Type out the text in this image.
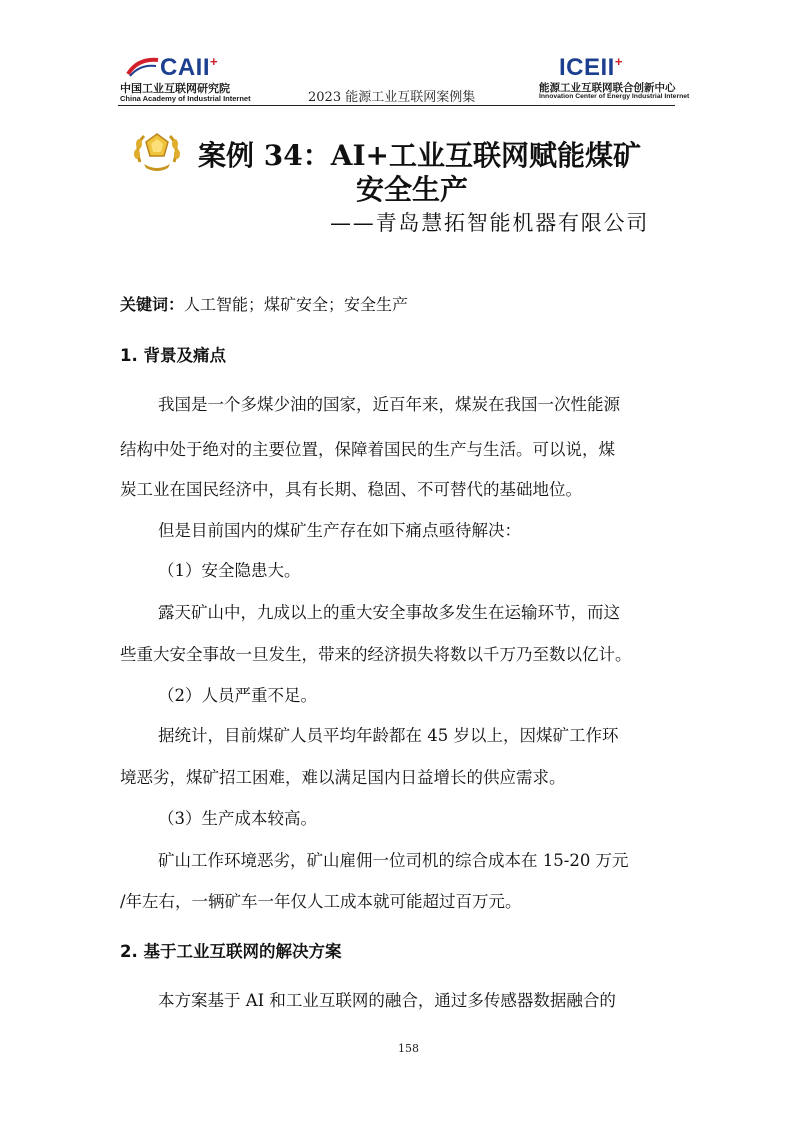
CAII+
中国工业互联网研究院
China Academy of Industrial Internet	2023 能源工业互联网案例集
ICEII+
能源工业互联网联合创新中心
Innovation Center of Energy Industrial Internet
案例 34：AI+工业互联网赋能煤矿
安全生产
——青岛慧拓智能机器有限公司
关键词：人工智能；煤矿安全；安全生产
1. 背景及痛点
我国是一个多煤少油的国家，近百年来，煤炭在我国一次性能源
结构中处于绝对的主要位置，保障着国民的生产与生活。可以说，煤
炭工业在国民经济中，具有长期、稳固、不可替代的基础地位。
但是目前国内的煤矿生产存在如下痛点亟待解决：
（1）安全隐患大。
露天矿山中，九成以上的重大安全事故多发生在运输环节，而这
些重大安全事故一旦发生，带来的经济损失将数以千万乃至数以亿计。
（2）人员严重不足。
据统计，目前煤矿人员平均年龄都在 45 岁以上，因煤矿工作环
境恶劣，煤矿招工困难，难以满足国内日益增长的供应需求。
（3）生产成本较高。
矿山工作环境恶劣，矿山雇佣一位司机的综合成本在 15-20 万元
/年左右，一辆矿车一年仅人工成本就可能超过百万元。
2. 基于工业互联网的解决方案
本方案基于 AI 和工业互联网的融合，通过多传感器数据融合的
158
